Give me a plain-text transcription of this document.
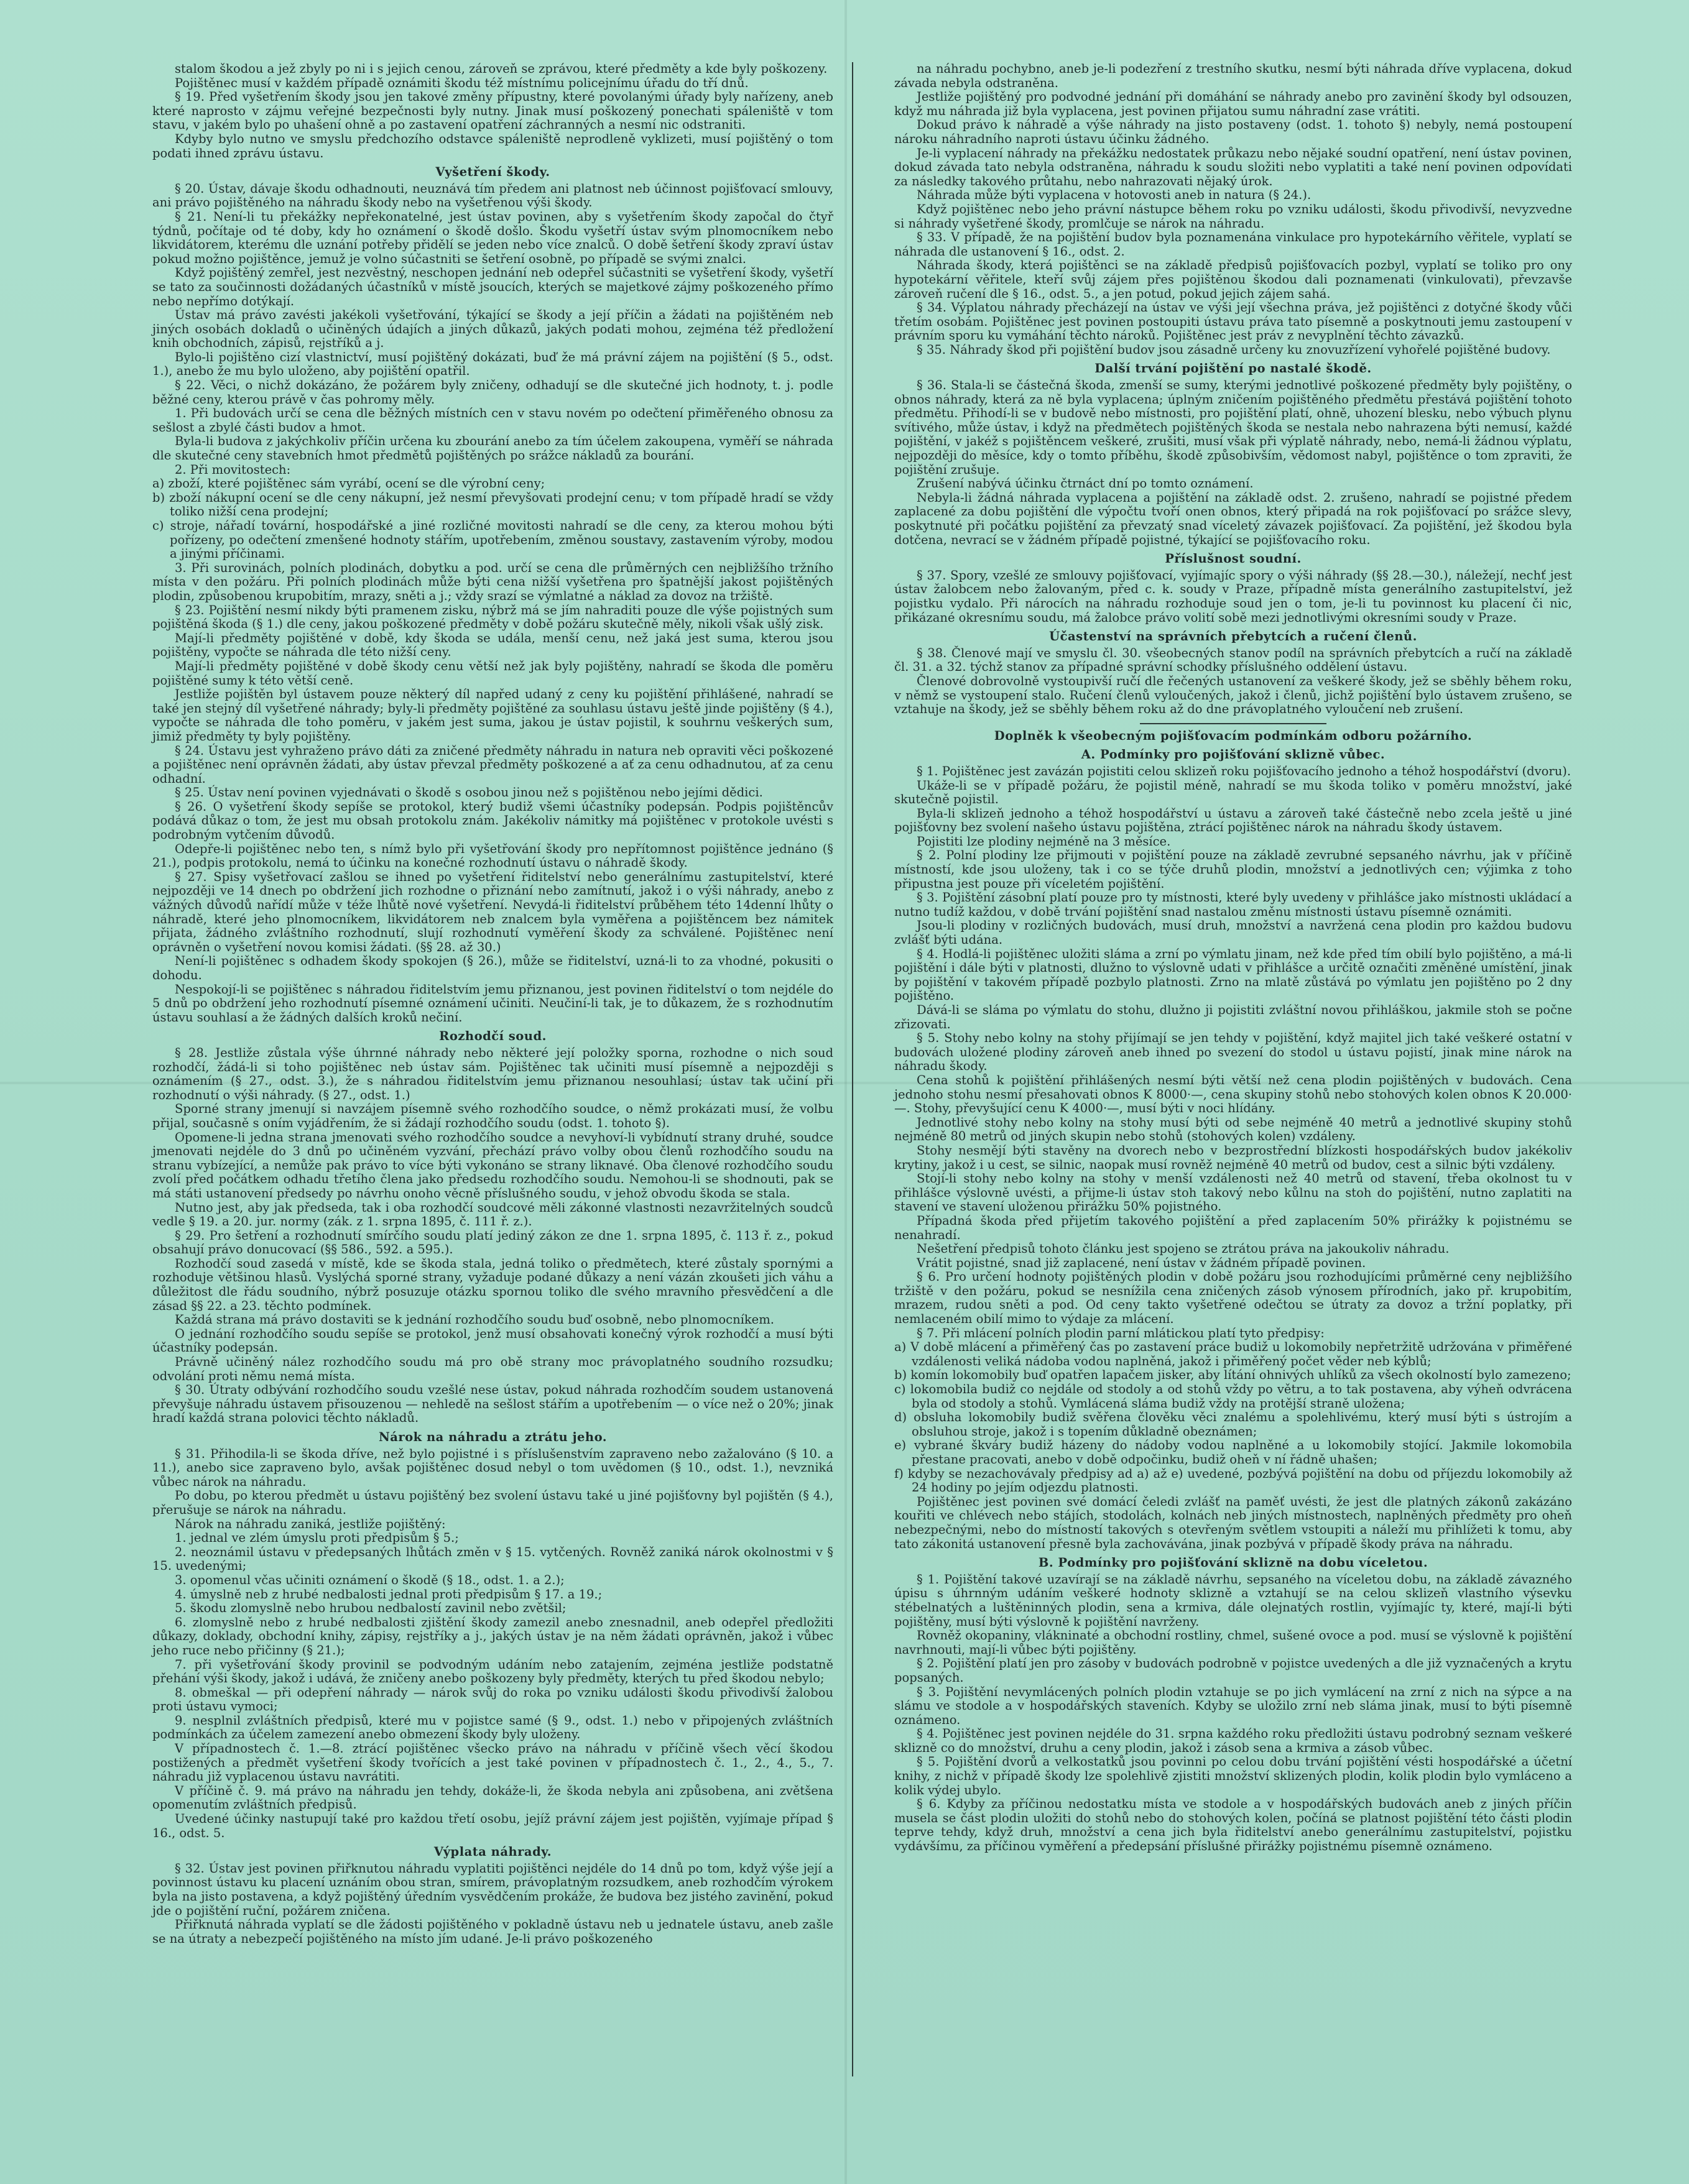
stalom škodou a jež zbyly po ni i s jejich cenou, zároveň se zprávou, které předměty a kde byly poškozeny.

Pojištěnec musí v každém případě oznámiti škodu též místnímu policejnímu úřadu do tří dnů.

§ 19. Před vyšetřením škody jsou jen takové změny přípustny, které povolanými úřady byly nařízeny, aneb které naprosto v zájmu veřejné bezpečnosti byly nutny. Jinak musí poškozený ponechati spáleniště v tom stavu, v jakém bylo po uhašení ohně a po zastavení opatření záchranných a nesmí nic odstraniti.

Kdyby bylo nutno ve smyslu předchozího odstavce spáleniště neprodleně vyklizeti, musí pojištěný o tom podati ihned zprávu ústavu.

Vyšetření škody.

§ 20. Ústav, dávaje škodu odhadnouti, neuznává tím předem ani platnost neb účinnost pojišťovací smlouvy, ani právo pojištěného na náhradu škody nebo na vyšetřenou výši škody.

§ 21. Není-li tu překážky nepřekonatelné, jest ústav povinen, aby s vyšetřením škody započal do čtyř týdnů, počítaje od té doby, kdy ho oznámení o škodě došlo. Škodu vyšetří ústav svým plnomocníkem nebo likvidátorem, kterému dle uznání potřeby přidělí se jeden nebo více znalců. O době šetření škody zpraví ústav pokud možno pojištěnce, jemuž je volno súčastniti se šetření osobně, po případě se svými znalci.

Když pojištěný zemřel, jest nezvěstný, neschopen jednání neb odepřel súčastniti se vyšetření škody, vyšetří se tato za součinnosti dožádaných účastníků v místě jsoucích, kterých se majetkové zájmy poškozeného přímo nebo nepřímo dotýkají.

Ústav má právo zavésti jakékoli vyšetřování, týkající se škody a její příčin a žádati na pojištěném neb jiných osobách dokladů o učiněných údajích a jiných důkazů, jakých podati mohou, zejména též předložení knih obchodních, zápisů, rejstříků a j.

Bylo-li pojištěno cizí vlastnictví, musí pojištěný dokázati, buď že má právní zájem na pojištění (§ 5., odst. 1.), anebo že mu bylo uloženo, aby pojištění opatřil.

§ 22. Věci, o nichž dokázáno, že požárem byly zničeny, odhadují se dle skutečné jich hodnoty, t. j. podle běžné ceny, kterou právě v čas pohromy měly.

1. Při budovách určí se cena dle běžných místních cen v stavu novém po odečtení přiměřeného obnosu za sešlost a zbylé části budov a hmot.

Byla-li budova z jakýchkoliv příčin určena ku zbourání anebo za tím účelem zakoupena, vyměří se náhrada dle skutečné ceny stavebních hmot předmětů pojištěných po srážce nákladů za bourání.

2. Při movitostech:

a) zboží, které pojištěnec sám vyrábí, ocení se dle výrobní ceny;

b) zboží nákupní ocení se dle ceny nákupní, jež nesmí převyšovati prodejní cenu; v tom případě hradí se vždy toliko nižší cena prodejní;

c) stroje, nářadí tovární, hospodářské a jiné rozličné movitosti nahradí se dle ceny, za kterou mohou býti pořízeny, po odečtení zmenšené hodnoty stářím, upotřebením, změnou soustavy, zastavením výroby, modou a jinými příčinami.

3. Při surovinách, polních plodinách, dobytku a pod. určí se cena dle průměrných cen nejbližšího tržního místa v den požáru. Při polních plodinách může býti cena nižší vyšetřena pro špatnější jakost pojištěných plodin, způsobenou krupobitím, mrazy, sněti a j.; vždy srazí se výmlatné a náklad za dovoz na tržiště.

§ 23. Pojištění nesmí nikdy býti pramenem zisku, nýbrž má se jím nahraditi pouze dle výše pojistných sum pojištěná škoda (§ 1.) dle ceny, jakou poškozené předměty v době požáru skutečně měly, nikoli však ušlý zisk.

Mají-li předměty pojištěné v době, kdy škoda se udála, menší cenu, než jaká jest suma, kterou jsou pojištěny, vypočte se náhrada dle této nižší ceny.

Mají-li předměty pojištěné v době škody cenu větší než jak byly pojištěny, nahradí se škoda dle poměru pojištěné sumy k této větší ceně.

Jestliže pojištěn byl ústavem pouze některý díl napřed udaný z ceny ku pojištění přihlášené, nahradí se také jen stejný díl vyšetřené náhrady; byly-li předměty pojištěné za souhlasu ústavu ještě jinde pojištěny (§ 4.), vypočte se náhrada dle toho poměru, v jakém jest suma, jakou je ústav pojistil, k souhrnu veškerých sum, jimiž předměty ty byly pojištěny.

§ 24. Ústavu jest vyhraženo právo dáti za zničené předměty náhradu in natura neb opraviti věci poškozené a pojištěnec není oprávněn žádati, aby ústav převzal předměty poškozené a ať za cenu odhadnutou, ať za cenu odhadní.

§ 25. Ústav není povinen vyjednávati o škodě s osobou jinou než s pojištěnou nebo jejími dědici.

§ 26. O vyšetření škody sepíše se protokol, který budiž všemi účastníky podepsán. Podpis pojištěncův podává důkaz o tom, že jest mu obsah protokolu znám. Jakékoliv námitky má pojištěnec v protokole uvésti s podrobným vytčením důvodů.

Odepře-li pojištěnec nebo ten, s nímž bylo při vyšetřování škody pro nepřítomnost pojištěnce jednáno (§ 21.), podpis protokolu, nemá to účinku na konečné rozhodnutí ústavu o náhradě škody.

§ 27. Spisy vyšetřovací zašlou se ihned po vyšetření řiditelství nebo generálnímu zastupitelství, které nejpozději ve 14 dnech po obdržení jich rozhodne o přiznání nebo zamítnutí, jakož i o výši náhrady, anebo z vážných důvodů nařídí může v téže lhůtě nové vyšetření. Nevydá-li řiditelství průběhem této 14denní lhůty o náhradě, které jeho plnomocníkem, likvidátorem neb znalcem byla vyměřena a pojištěncem bez námitek přijata, žádného zvláštního rozhodnutí, slují rozhodnutí vyměření škody za schválené. Pojištěnec není oprávněn o vyšetření novou komisi žádati. (§§ 28. až 30.)

Není-li pojištěnec s odhadem škody spokojen (§ 26.), může se řiditelství, uzná-li to za vhodné, pokusiti o dohodu.

Nespokojí-li se pojištěnec s náhradou řiditelstvím jemu přiznanou, jest povinen řiditelství o tom nejdéle do 5 dnů po obdržení jeho rozhodnutí písemné oznámení učiniti. Neučiní-li tak, je to důkazem, že s rozhodnutím ústavu souhlasí a že žádných dalších kroků nečiní.

Rozhodčí soud.

§ 28. Jestliže zůstala výše úhrnné náhrady nebo některé její položky sporna, rozhodne o nich soud rozhodčí, žádá-li si toho pojištěnec neb ústav sám. Pojištěnec tak učiniti musí písemně a nejpozději s oznámením (§ 27., odst. 3.), že s náhradou řiditelstvím jemu přiznanou nesouhlasí; ústav tak učiní při rozhodnutí o výši náhrady. (§ 27., odst. 1.)

Sporné strany jmenují si navzájem písemně svého rozhodčího soudce, o němž prokázati musí, že volbu přijal, současně s oním vyjádřením, že si žádají rozhodčího soudu (odst. 1. tohoto §).

Opomene-li jedna strana jmenovati svého rozhodčího soudce a nevyhoví-li vybídnutí strany druhé, soudce jmenovati nejdéle do 3 dnů po učiněném vyzvání, přechází právo volby obou členů rozhodčího soudu na stranu vybízející, a nemůže pak právo to více býti vykonáno se strany liknavé. Oba členové rozhodčího soudu zvolí před počátkem odhadu třetího člena jako předsedu rozhodčího soudu. Nemohou-li se shodnouti, pak se má státi ustanovení předsedy po návrhu onoho věcně příslušného soudu, v jehož obvodu škoda se stala.

Nutno jest, aby jak předseda, tak i oba rozhodčí soudcové měli zákonné vlastnosti nezavržitelných soudců vedle § 19. a 20. jur. normy (zák. z 1. srpna 1895, č. 111 ř. z.).

§ 29. Pro šetření a rozhodnutí smírčího soudu platí jediný zákon ze dne 1. srpna 1895, č. 113 ř. z., pokud obsahují právo donucovací (§§ 586., 592. a 595.).

Rozhodčí soud zasedá v místě, kde se škoda stala, jedná toliko o předmětech, které zůstaly spornými a rozhoduje většinou hlasů. Vyslýchá sporné strany, vyžaduje podané důkazy a není vázán zkoušeti jich váhu a důležitost dle řádu soudního, nýbrž posuzuje otázku spornou toliko dle svého mravního přesvědčení a dle zásad §§ 22. a 23. těchto podmínek.

Každá strana má právo dostaviti se k jednání rozhodčího soudu buď osobně, nebo plnomocníkem.

O jednání rozhodčího soudu sepíše se protokol, jenž musí obsahovati konečný výrok rozhodčí a musí býti účastníky podepsán.

Právně učiněný nález rozhodčího soudu má pro obě strany moc právoplatného soudního rozsudku; odvolání proti němu nemá místa.

§ 30. Útraty odbývání rozhodčího soudu vzešlé nese ústav, pokud náhrada rozhodčím soudem ustanovená převyšuje náhradu ústavem přisouzenou — nehledě na sešlost stářím a upotřebením — o více než o 20%; jinak hradí každá strana polovici těchto nákladů.

Nárok na náhradu a ztrátu jeho.

§ 31. Přihodila-li se škoda dříve, než bylo pojistné i s příslušenstvím zapraveno nebo zažalováno (§ 10. a 11.), anebo sice zapraveno bylo, avšak pojištěnec dosud nebyl o tom uvědomen (§ 10., odst. 1.), nevzniká vůbec nárok na náhradu.

Po dobu, po kterou předmět u ústavu pojištěný bez svolení ústavu také u jiné pojišťovny byl pojištěn (§ 4.), přerušuje se nárok na náhradu.

Nárok na náhradu zaniká, jestliže pojištěný:

1. jednal ve zlém úmyslu proti předpisům § 5.;

2. neoznámil ústavu v předepsaných lhůtách změn v § 15. vytčených. Rovněž zaniká nárok okolnostmi v § 15. uvedenými;

3. opomenul včas učiniti oznámení o škodě (§ 18., odst. 1. a 2.);

4. úmyslně neb z hrubé nedbalosti jednal proti předpisům § 17. a 19.;

5. škodu zlomyslně nebo hrubou nedbalostí zavinil nebo zvětšil;

6. zlomyslně nebo z hrubé nedbalosti zjištění škody zamezil anebo znesnadnil, aneb odepřel předložiti důkazy, doklady, obchodní knihy, zápisy, rejstříky a j., jakých ústav je na něm žádati oprávněn, jakož i vůbec jeho ruce nebo přičinny (§ 21.);

7. při vyšetřování škody provinil se podvodným udáním nebo zatajením, zejména jestliže podstatně přehání výši škody, jakož i udává, že zničeny anebo poškozeny byly předměty, kterých tu před škodou nebylo;

8. obmeškal — při odepření náhrady — nárok svůj do roka po vzniku události škodu přivodivší žalobou proti ústavu vymoci;

9. nesplnil zvláštních předpisů, které mu v pojistce samé (§ 9., odst. 1.) nebo v připojených zvláštních podmínkách za účelem zamezení anebo obmezení škody byly uloženy.

V případnostech č. 1.—8. ztrácí pojištěnec všecko právo na náhradu v příčině všech věcí škodou postižených a předmět vyšetření škody tvořících a jest také povinen v případnostech č. 1., 2., 4., 5., 7. náhradu již vyplacenou ústavu navrátiti.

V příčině č. 9. má právo na náhradu jen tehdy, dokáže-li, že škoda nebyla ani způsobena, ani zvětšena opomenutím zvláštních předpisů.

Uvedené účinky nastupují také pro každou třetí osobu, jejíž právní zájem jest pojištěn, vyjímaje případ § 16., odst. 5.

Výplata náhrady.

§ 32. Ústav jest povinen přiřknutou náhradu vyplatiti pojištěnci nejdéle do 14 dnů po tom, když výše její a povinnost ústavu ku placení uznáním obou stran, smírem, právoplatným rozsudkem, aneb rozhodčím výrokem byla na jisto postavena, a když pojištěný úředním vysvědčením prokáže, že budova bez jistého zavinění, pokud jde o pojištění ruční, požárem zničena.

Přiřknutá náhrada vyplatí se dle žádosti pojištěného v pokladně ústavu neb u jednatele ústavu, aneb zašle se na útraty a nebezpečí pojištěného na místo jím udané. Je-li právo poškozeného

na náhradu pochybno, aneb je-li podezření z trestního skutku, nesmí býti náhrada dříve vyplacena, dokud závada nebyla odstraněna.

Jestliže pojištěný pro podvodné jednání při domáhání se náhrady anebo pro zavinění škody byl odsouzen, když mu náhrada již byla vyplacena, jest povinen přijatou sumu náhradní zase vrátiti.

Dokud právo k náhradě a výše náhrady na jisto postaveny (odst. 1. tohoto §) nebyly, nemá postoupení nároku náhradního naproti ústavu účinku žádného.

Je-li vyplacení náhrady na překážku nedostatek průkazu nebo nějaké soudní opatření, není ústav povinen, dokud závada tato nebyla odstraněna, náhradu k soudu složiti nebo vyplatiti a také není povinen odpovídati za následky takového průtahu, nebo nahrazovati nějaký úrok.

Náhrada může býti vyplacena v hotovosti aneb in natura (§ 24.).

Když pojištěnec nebo jeho právní nástupce během roku po vzniku události, škodu přivodivší, nevyzvedne si náhrady vyšetřené škody, promlčuje se nárok na náhradu.

§ 33. V případě, že na pojištění budov byla poznamenána vinkulace pro hypotekárního věřitele, vyplatí se náhrada dle ustanovení § 16., odst. 2.

Náhrada škody, která pojištěnci se na základě předpisů pojišťovacích pozbyl, vyplatí se toliko pro ony hypotekární věřitele, kteří svůj zájem přes pojištěnou škodou dali poznamenati (vinkulovati), převzavše zároveň ručení dle § 16., odst. 5., a jen potud, pokud jejich zájem sahá.

§ 34. Výplatou náhrady přecházejí na ústav ve výši její všechna práva, jež pojištěnci z dotyčné škody vůči třetím osobám. Pojištěnec jest povinen postoupiti ústavu práva tato písemně a poskytnouti jemu zastoupení v právním sporu ku vymáhání těchto nároků. Pojištěnec jest práv z nevyplnění těchto závazků.

§ 35. Náhrady škod při pojištění budov jsou zásadně určeny ku znovuzřízení vyhořelé pojištěné budovy.

Další trvání pojištění po nastalé škodě.

§ 36. Stala-li se částečná škoda, zmenší se sumy, kterými jednotlivé poškozené předměty byly pojištěny, o obnos náhrady, která za ně byla vyplacena; úplným zničením pojištěného předmětu přestává pojištění tohoto předmětu. Přihodí-li se v budově nebo místnosti, pro pojištění platí, ohně, uhození blesku, nebo výbuch plynu svítivého, může ústav, i když na předmětech pojištěných škoda se nestala nebo nahrazena býti nemusí, každé pojištění, v jakéž s pojištěncem veškeré, zrušiti, musí však při výplatě náhrady, nebo, nemá-li žádnou výplatu, nejpozději do měsíce, kdy o tomto příběhu, škodě způsobivším, vědomost nabyl, pojištěnce o tom zpraviti, že pojištění zrušuje.

Zrušení nabývá účinku čtrnáct dní po tomto oznámení.

Nebyla-li žádná náhrada vyplacena a pojištění na základě odst. 2. zrušeno, nahradí se pojistné předem zaplacené za dobu pojištění dle výpočtu tvoří onen obnos, který připadá na rok pojišťovací po srážce slevy, poskytnuté při počátku pojištění za převzatý snad víceletý závazek pojišťovací. Za pojištění, jež škodou byla dotčena, nevrací se v žádném případě pojistné, týkající se pojišťovacího roku.

Příslušnost soudní.

§ 37. Spory, vzešlé ze smlouvy pojišťovací, vyjímajíc spory o výši náhrady (§§ 28.—30.), náležejí, nechť jest ústav žalobcem nebo žalovaným, před c. k. soudy v Praze, případně místa generálního zastupitelství, jež pojistku vydalo. Při nárocích na náhradu rozhoduje soud jen o tom, je-li tu povinnost ku placení či nic, přikázané okresnímu soudu, má žalobce právo volití sobě mezi jednotlivými okresními soudy v Praze.

Účastenství na správních přebytcích a ručení členů.

§ 38. Členové mají ve smyslu čl. 30. všeobecných stanov podíl na správních přebytcích a ručí na základě čl. 31. a 32. týchž stanov za případné správní schodky příslušného oddělení ústavu.

Členové dobrovolně vystoupivší ručí dle řečených ustanovení za veškeré škody, jež se sběhly během roku, v němž se vystoupení stalo. Ručení členů vyloučených, jakož i členů, jichž pojištění bylo ústavem zrušeno, se vztahuje na škody, jež se sběhly během roku až do dne právoplatného vyloučení neb zrušení.

Doplněk k všeobecným pojišťovacím podmínkám odboru požárního.

A. Podmínky pro pojišťování sklizně vůbec.

§ 1. Pojištěnec jest zavázán pojistiti celou sklizeň roku pojišťovacího jednoho a téhož hospodářství (dvoru).

Ukáže-li se v případě požáru, že pojistil méně, nahradí se mu škoda toliko v poměru množství, jaké skutečně pojistil.

Byla-li sklizeň jednoho a téhož hospodářství u ústavu a zároveň také částečně nebo zcela ještě u jiné pojišťovny bez svolení našeho ústavu pojištěna, ztrácí pojištěnec nárok na náhradu škody ústavem.

Pojistiti lze plodiny nejméně na 3 měsíce.

§ 2. Polní plodiny lze přijmouti v pojištění pouze na základě zevrubné sepsaného návrhu, jak v příčině místností, kde jsou uloženy, tak i co se týče druhů plodin, množství a jednotlivých cen; výjimka z toho připustna jest pouze při víceletém pojištění.

§ 3. Pojištění zásobní platí pouze pro ty místnosti, které byly uvedeny v přihlášce jako místnosti ukládací a nutno tudíž každou, v době trvání pojištění snad nastalou změnu místnosti ústavu písemně oznámiti.

Jsou-li plodiny v rozličných budovách, musí druh, množství a navržená cena plodin pro každou budovu zvlášť býti udána.

§ 4. Hodlá-li pojištěnec uložiti sláma a zrní po výmlatu jinam, než kde před tím obilí bylo pojištěno, a má-li pojištění i dále býti v platnosti, dlužno to výslovně udati v přihlášce a určitě označiti změněné umístění, jinak by pojištění v takovém případě pozbylo platnosti. Zrno na mlatě zůstává po výmlatu jen pojištěno po 2 dny pojištěno.

Dává-li se sláma po výmlatu do stohu, dlužno ji pojistiti zvláštní novou přihláškou, jakmile stoh se počne zřizovati.

§ 5. Stohy nebo kolny na stohy přijímají se jen tehdy v pojištění, když majitel jich také veškeré ostatní v budovách uložené plodiny zároveň aneb ihned po svezení do stodol u ústavu pojistí, jinak mine nárok na náhradu škody.

Cena stohů k pojištění přihlášených nesmí býti větší než cena plodin pojištěných v budovách. Cena jednoho stohu nesmí přesahovati obnos K 8000·—, cena skupiny stohů nebo stohových kolen obnos K 20.000·—. Stohy, převyšující cenu K 4000·—, musí býti v noci hlídány.

Jednotlivé stohy nebo kolny na stohy musí býti od sebe nejméně 40 metrů a jednotlivé skupiny stohů nejméně 80 metrů od jiných skupin nebo stohů (stohových kolen) vzdáleny.

Stohy nesmějí býti stavěny na dvorech nebo v bezprostřední blízkosti hospodářských budov jakékoliv krytiny, jakož i u cest, se silnic, naopak musí rovněž nejméně 40 metrů od budov, cest a silnic býti vzdáleny.

Stojí-li stohy nebo kolny na stohy v menší vzdálenosti než 40 metrů od stavení, třeba okolnost tu v přihlášce výslovně uvésti, a přijme-li ústav stoh takový nebo kůlnu na stoh do pojištění, nutno zaplatiti na stavení ve stavení uloženou přirážku 50% pojistného.

Případná škoda před přijetím takového pojištění a před zaplacením 50% přirážky k pojistnému se nenahradí.

Nešetření předpisů tohoto článku jest spojeno se ztrátou práva na jakoukoliv náhradu.

Vrátit pojistné, snad již zaplacené, není ústav v žádném případě povinen.

§ 6. Pro určení hodnoty pojištěných plodin v době požáru jsou rozhodujícími průměrné ceny nejbližšího tržiště v den požáru, pokud se nesnížila cena zničených zásob výnosem přírodních, jako př. krupobitím, mrazem, rudou sněti a pod. Od ceny takto vyšetřené odečtou se útraty za dovoz a tržní poplatky, při nemlaceném obilí mimo to výdaje za mlácení.

§ 7. Při mlácení polních plodin parní mlátickou platí tyto předpisy:

a) V době mlácení a přiměřený čas po zastavení práce budiž u lokomobily nepřetržitě udržována v přiměřené vzdálenosti veliká nádoba vodou naplněná, jakož i přiměřený počet věder neb kýblů;

b) komín lokomobily buď opatřen lapačem jisker, aby lítání ohnivých uhlíků za všech okolností bylo zamezeno;

c) lokomobila budiž co nejdále od stodoly a od stohů vždy po větru, a to tak postavena, aby výheň odvrácena byla od stodoly a stohů. Vymlácená sláma budiž vždy na protější straně uložena;

d) obsluha lokomobily budiž svěřena člověku věci znalému a spolehlivému, který musí býti s ústrojím a obsluhou stroje, jakož i s topením důkladně obeznámen;

e) vybrané škváry budiž házeny do nádoby vodou naplněné a u lokomobily stojící. Jakmile lokomobila přestane pracovati, anebo v době odpočinku, budiž oheň v ní řádně uhašen;

f) kdyby se nezachovávaly předpisy ad a) až e) uvedené, pozbývá pojištění na dobu od příjezdu lokomobily až 24 hodiny po jejím odjezdu platnosti.

Pojištěnec jest povinen své domácí čeledi zvlášť na paměť uvésti, že jest dle platných zákonů zakázáno kouřiti ve chlévech nebo stájích, stodolách, kolnách neb jiných místnostech, naplněných předměty pro oheň nebezpečnými, nebo do místností takových s otevřeným světlem vstoupiti a náleží mu přihlížeti k tomu, aby tato zákonitá ustanovení přesně byla zachovávána, jinak pozbývá v případě škody práva na náhradu.

B. Podmínky pro pojišťování skliznĕ na dobu víceletou.

§ 1. Pojištění takové uzavírají se na základě návrhu, sepsaného na víceletou dobu, na základě závazného úpisu s úhrnným udáním veškeré hodnoty sklizně a vztahují se na celou sklizeň vlastního výsevku stébelnatých a luštěninných plodin, sena a krmiva, dále olejnatých rostlin, vyjímajíc ty, které, mají-li býti pojištěny, musí býti výslovně k pojištění navrženy.

Rovněž okopaniny, vlákninaté a obchodní rostliny, chmel, sušené ovoce a pod. musí se výslovně k pojištění navrhnouti, mají-li vůbec býti pojištěny.

§ 2. Pojištění platí jen pro zásoby v budovách podrobně v pojistce uvedených a dle již vyznačených a krytu popsaných.

§ 3. Pojištění nevymlácených polních plodin vztahuje se po jich vymlácení na zrní z nich na sýpce a na slámu ve stodole a v hospodářských staveních. Kdyby se uložilo zrní neb sláma jinak, musí to býti písemně oznámeno.

§ 4. Pojištěnec jest povinen nejdéle do 31. srpna každého roku předložiti ústavu podrobný seznam veškeré sklizně co do množství, druhu a ceny plodin, jakož i zásob sena a krmiva a zásob vůbec.

§ 5. Pojištění dvorů a velkostatků jsou povinni po celou dobu trvání pojištění vésti hospodářské a účetní knihy, z nichž v případě škody lze spolehlivě zjistiti množství sklizených plodin, kolik plodin bylo vymláceno a kolik výdej ubylo.

§ 6. Kdyby za příčinou nedostatku místa ve stodole a v hospodářských budovách aneb z jiných příčin musela se část plodin uložiti do stohů nebo do stohových kolen, počíná se platnost pojištění této části plodin teprve tehdy, když druh, množství a cena jich byla řiditelství anebo generálnímu zastupitelství, pojistku vydávšímu, za příčinou vyměření a předepsání příslušné přirážky pojistnému písemně oznámeno.
